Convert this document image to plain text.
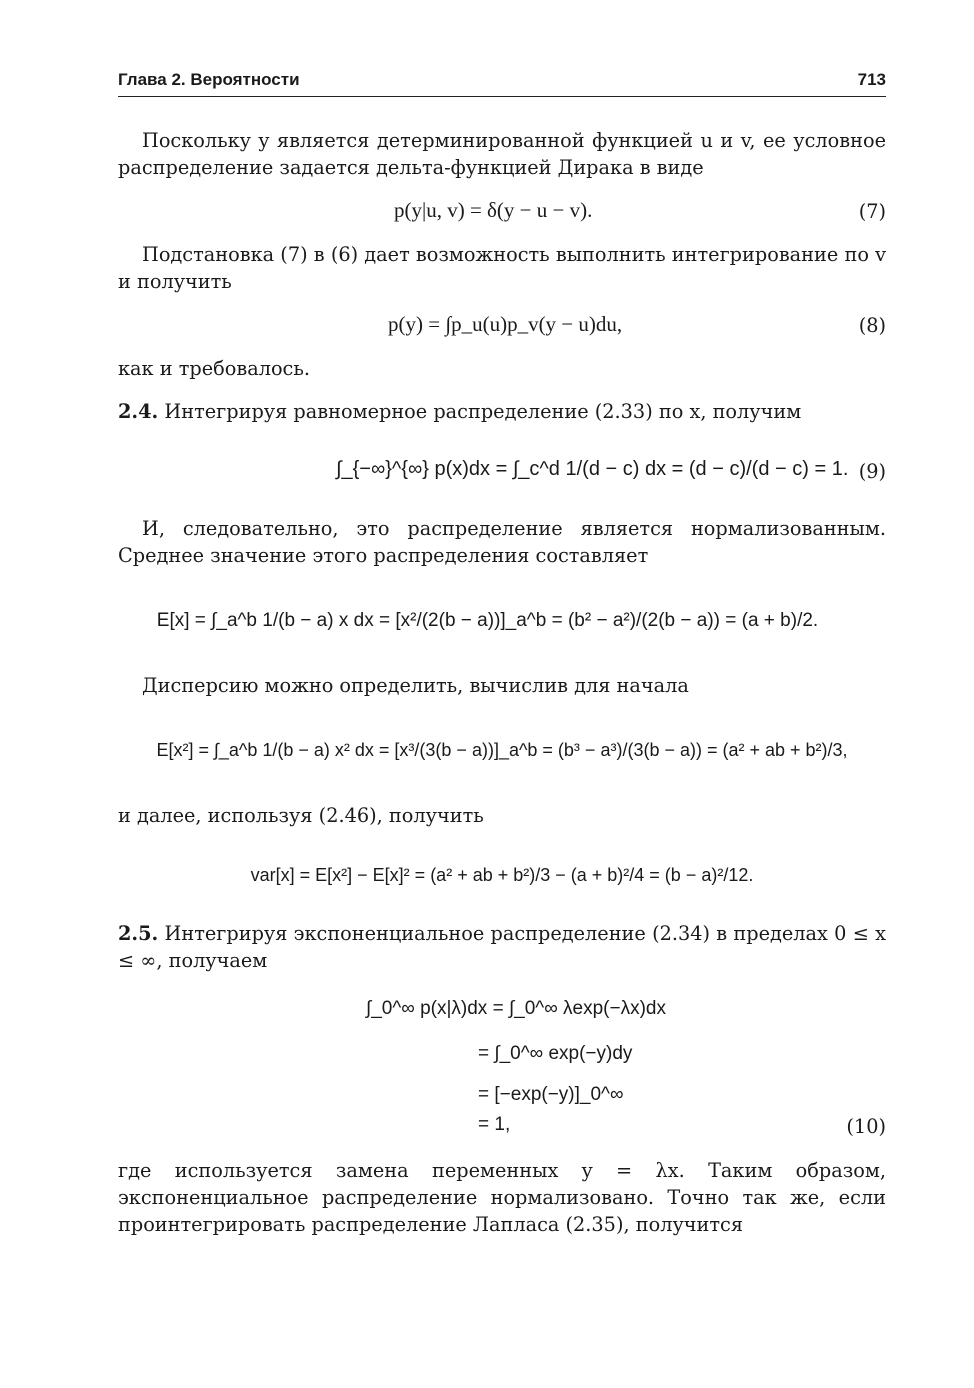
Глава 2. Вероятности	713
Поскольку y является детерминированной функцией u и v, ее условное распределение задается дельта-функцией Дирака в виде
p(y|u, v) = δ(y − u − v).	(7)
Подстановка (7) в (6) дает возможность выполнить интегрирование по v и получить
p(y) = ∫p_u(u)p_v(y − u)du,	(8)
как и требовалось.
2.4. Интегрируя равномерное распределение (2.33) по x, получим
∫_{−∞}^{∞} p(x)dx = ∫_c^d 1/(d − c) dx = (d − c)/(d − c) = 1. (9)
И, следовательно, это распределение является нормализованным. Среднее значение этого распределения составляет
E[x] = ∫_a^b 1/(b − a) x dx = [x²/(2(b − a))]_a^b = (b² − a²)/(2(b − a)) = (a + b)/2.
Дисперсию можно определить, вычислив для начала
E[x²] = ∫_a^b 1/(b − a) x² dx = [x³/(3(b − a))]_a^b = (b³ − a³)/(3(b − a)) = (a² + ab + b²)/3,
и далее, используя (2.46), получить
var[x] = E[x²] − E[x]² = (a² + ab + b²)/3 − (a + b)²/4 = (b − a)²/12.
2.5. Интегрируя экспоненциальное распределение (2.34) в пределах 0 ≤ x ≤ ∞, получаем
∫_0^∞ p(x|λ)dx = ∫_0^∞ λexp(−λx)dx
= ∫_0^∞ exp(−y)dy
= [−exp(−y)]_0^∞
= 1,	(10)
где используется замена переменных y = λx. Таким образом, экспоненциальное распределение нормализовано. Точно так же, если проинтегрировать распределение Лапласа (2.35), получится
